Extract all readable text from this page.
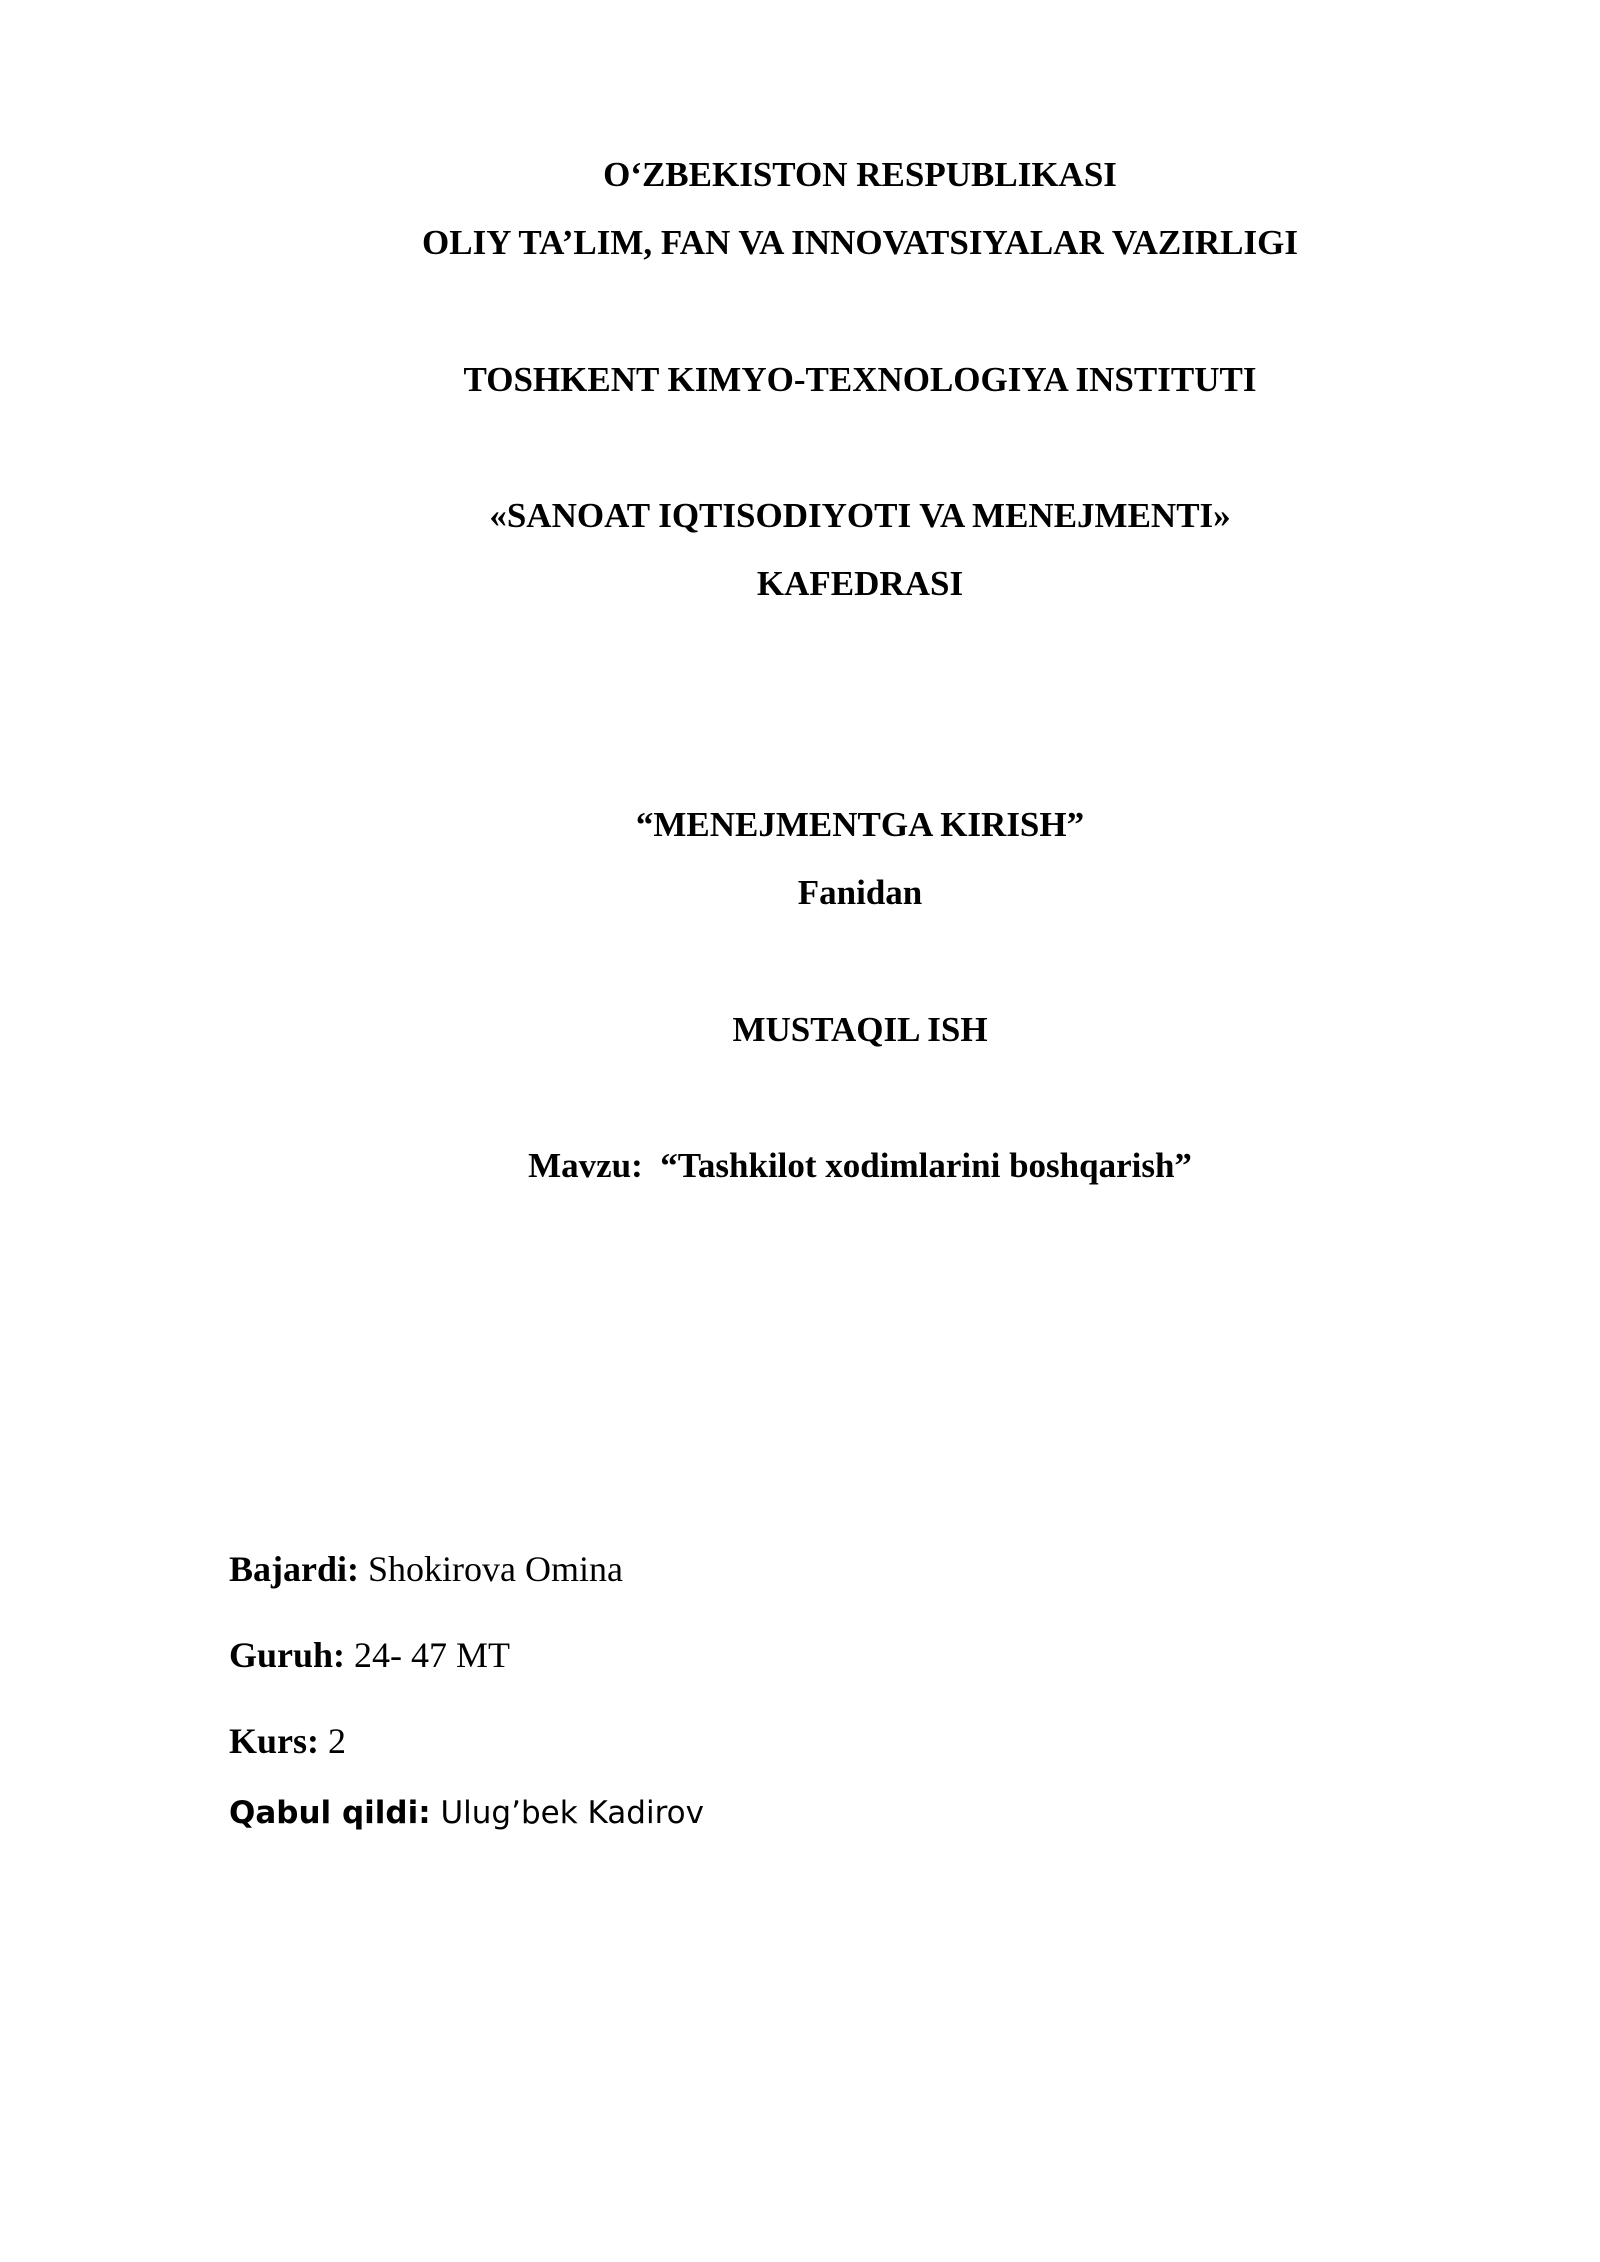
O‘ZBEKISTON RESPUBLIKASI
OLIY TA’LIM, FAN VA INNOVATSIYALAR VAZIRLIGI
TOSHKENT KIMYO-TEXNOLOGIYA INSTITUTI
«SANOAT IQTISODIYOTI VA MENEJMENTI»
KAFEDRASI
“MENEJMENTGA KIRISH”
Fanidan
MUSTAQIL ISH
Mavzu: “Tashkilot xodimlarini boshqarish”
Bajardi: Shokirova Omina
Guruh: 24- 47 MT
Kurs: 2
Qabul qildi: Ulug’bek Kadirov
